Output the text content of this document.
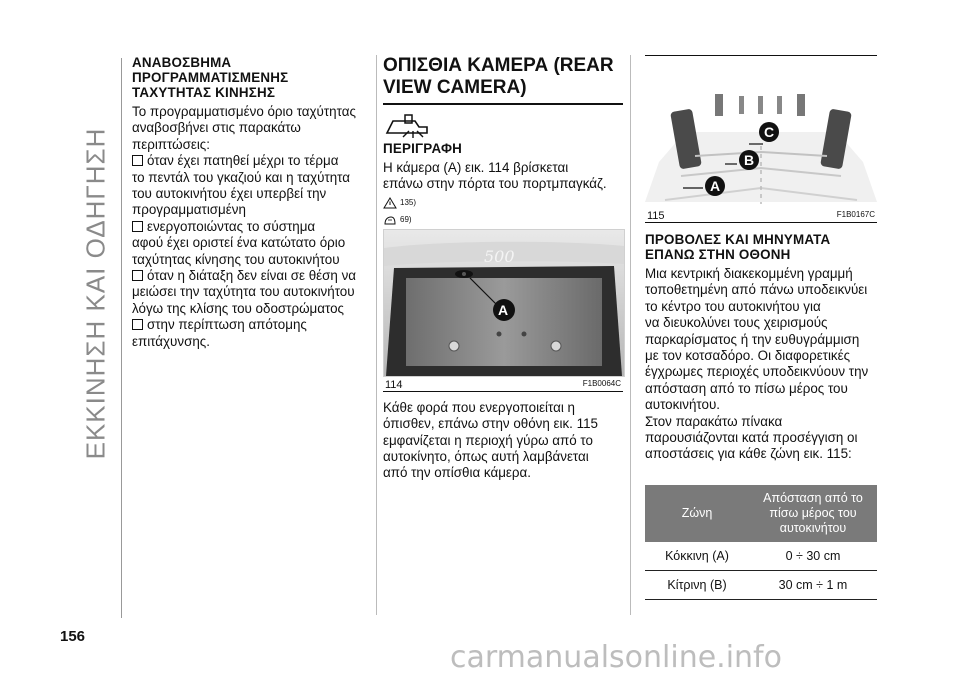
ΕΚΚΙΝΗΣΗ ΚΑΙ ΟΔΗΓΗΣΗ
156
ΑΝΑΒΟΣΒΗΜΑ
ΠΡΟΓΡΑΜΜΑΤΙΣΜΕΝΗΣ
ΤΑΧΥΤΗΤΑΣ ΚΙΝΗΣΗΣ

Το προγραμματισμένο όριο ταχύτητας
αναβοσβήνει στις παρακάτω
περιπτώσεις:

όταν έχει πατηθεί μέχρι το τέρμα
το πεντάλ του γκαζιού και η ταχύτητα
του αυτοκινήτου έχει υπερβεί την
προγραμματισμένη

ενεργοποιώντας το σύστημα
αφού έχει οριστεί ένα κατώτατο όριο
ταχύτητας κίνησης του αυτοκινήτου

όταν η διάταξη δεν είναι σε θέση να
μειώσει την ταχύτητα του αυτοκινήτου
λόγω της κλίσης του οδοστρώματος

στην περίπτωση απότομης
επιτάχυνσης.

ΟΠΙΣΘΙΑ ΚΑΜΕΡΑ (REAR
VIEW CAMERA)
ΠΕΡΙΓΡΑΦΗ

Η κάμερα (A) εικ. 114 βρίσκεται
επάνω στην πόρτα του πορτμπαγκάζ.

135)
69)
500
A
114	F1B0064C

Κάθε φορά που ενεργοποιείται η
όπισθεν, επάνω στην οθόνη εικ. 115
εμφανίζεται η περιοχή γύρω από το
αυτοκίνητο, όπως αυτή λαμβάνεται
από την οπίσθια κάμερα.

C
B
A
115	F1B0167C
ΠΡΟΒΟΛΕΣ ΚΑΙ ΜΗΝΥΜΑΤΑ
ΕΠΑΝΩ ΣΤΗΝ ΟΘΟΝΗ

Μια κεντρική διακεκομμένη γραμμή
τοποθετημένη από πάνω υποδεικνύει
το κέντρο του αυτοκινήτου για
να διευκολύνει τους χειρισμούς
παρκαρίσματος ή την ευθυγράμμιση
με τον κοτσαδόρο. Οι διαφορετικές
έγχρωμες περιοχές υποδεικνύουν την
απόσταση από το πίσω μέρος του
αυτοκινήτου.

Στον παρακάτω πίνακα
παρουσιάζονται κατά προσέγγιση οι
αποστάσεις για κάθε ζώνη εικ. 115:

Ζώνη	Απόσταση από το πίσω μέρος του αυτοκινήτου
Κόκκινη (A)	0 ÷ 30 cm
Κίτρινη (B)	30 cm ÷ 1 m
carmanualsonline.info
